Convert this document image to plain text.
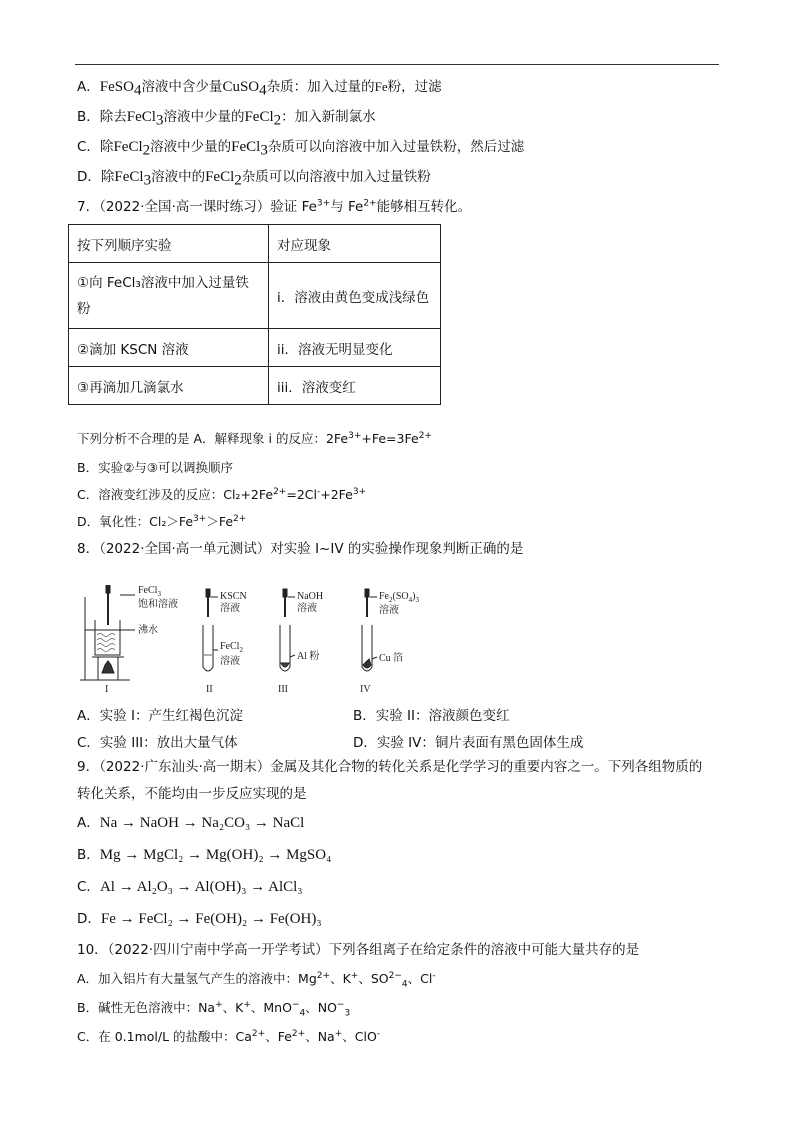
A．FeSO$_4$溶液中含少量CuSO$_4$杂质：加入过量的Fe粉，过滤
B．除去FeCl$_3$溶液中少量的FeCl$_2$：加入新制氯水
C．除FeCl$_2$溶液中少量的FeCl$_3$杂质可以向溶液中加入过量铁粉，然后过滤
D．除FeCl$_3$溶液中的FeCl$_2$杂质可以向溶液中加入过量铁粉
7．（2022·全国·高一课时练习）验证 $Fe^{3+}$与 $Fe^{2+}$能够相互转化。
按下列顺序实验	对应现象

①向 FeCl₃溶液中加入过量铁
粉	i．溶液由黄色变成浅绿色
②滴加 KSCN 溶液	ii．溶液无明显变化
③再滴加几滴氯水	iii．溶液变红
下列分析不合理的是 A．解释现象 i 的反应：$2Fe^{3+}+Fe=3Fe^{2+}$
B．实验②与③可以调换顺序
C．溶液变红涉及的反应：$Cl_2+2Fe^{2+}=2Cl^-+2Fe^{3+}$
D．氧化性：$Cl_2>Fe^{3+}>Fe^{2+}$
8．（2022·全国·高一单元测试）对实验 I~IV 的实验操作现象判断正确的是
FeCl$_3$
饱和溶液
沸水
I
KSCN
溶液
FeCl$_2$
溶液
II
NaOH
溶液
Al 粉
III
$Fe_2(SO_4)_3$
溶液
Cu 箔
IV
A．实验 I：产生红褐色沉淀	B．实验 II：溶液颜色变红
C．实验 III：放出大量气体	D．实验 IV：铜片表面有黑色固体生成
9．（2022·广东汕头·高一期末）金属及其化合物的转化关系是化学学习的重要内容之一。下列各组物质的
转化关系，不能均由一步反应实现的是
A．Na → NaOH → Na₂CO₃ → NaCl
B．Mg → MgCl₂ → Mg(OH)₂ → MgSO₄
C．Al → Al₂O₃ → Al(OH)₃ → AlCl₃
D．Fe → FeCl₂ → Fe(OH)₂ → Fe(OH)₃
10．（2022·四川宁南中学高一开学考试）下列各组离子在给定条件的溶液中可能大量共存的是
A．加入铝片有大量氢气产生的溶液中：$Mg^{2+}$、K+、$SO^{2-}_4$、Cl-
B．碱性无色溶液中：Na+、K+、MnO−$_4$、$NO^-_3$
C．在 0.1mol/L 的盐酸中：$Ca^{2+}$、$Fe^{2+}$、Na+、ClO-
